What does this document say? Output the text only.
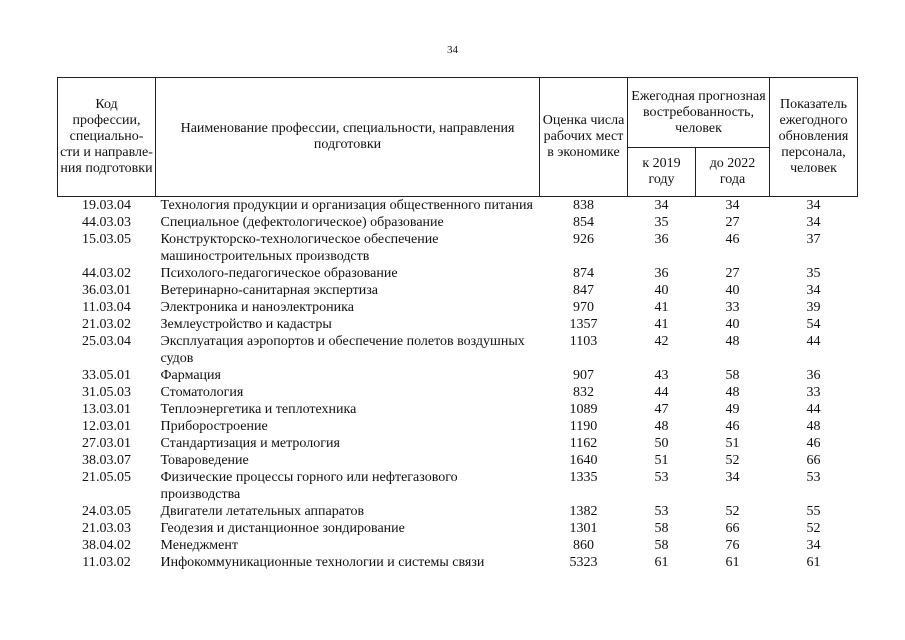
34
Код профессии, специально-сти и направле-ния подготовки	Наименование профессии, специальности, направления подготовки	Оценка числа рабочих мест в экономике	Ежегодная прогнозная востребованность, человек		Показатель ежегодного обновления персонала, человек
			к 2019 году	до 2022 года	
19.03.04	Технология продукции и организация общественного питания	838	34	34	34
44.03.03	Специальное (дефектологическое) образование	854	35	27	34
15.03.05	Конструкторско-технологическое обеспечение машиностроительных производств	926	36	46	37
44.03.02	Психолого-педагогическое образование	874	36	27	35
36.03.01	Ветеринарно-санитарная экспертиза	847	40	40	34
11.03.04	Электроника и наноэлектроника	970	41	33	39
21.03.02	Землеустройство и кадастры	1357	41	40	54
25.03.04	Эксплуатация аэропортов и обеспечение полетов воздушных судов	1103	42	48	44
33.05.01	Фармация	907	43	58	36
31.05.03	Стоматология	832	44	48	33
13.03.01	Теплоэнергетика и теплотехника	1089	47	49	44
12.03.01	Приборостроение	1190	48	46	48
27.03.01	Стандартизация и метрология	1162	50	51	46
38.03.07	Товароведение	1640	51	52	66
21.05.05	Физические процессы горного или нефтегазового производства	1335	53	34	53
24.03.05	Двигатели летательных аппаратов	1382	53	52	55
21.03.03	Геодезия и дистанционное зондирование	1301	58	66	52
38.04.02	Менеджмент	860	58	76	34
11.03.02	Инфокоммуникационные технологии и системы связи	5323	61	61	61
